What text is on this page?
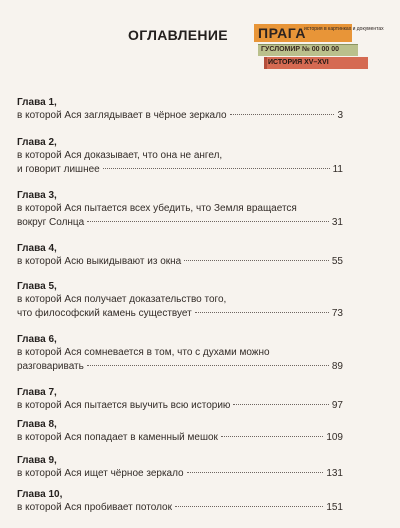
ОГЛАВЛЕНИЕ ПРАГА
история в картинках и документах
ГУСЛОМИР № 00 00 00
ИСТОРИЯ XV–XVI
Глава 1,
в которой Ася заглядывает в чёрное зеркало	3
Глава 2,
в которой Ася доказывает, что она не ангел,
и говорит лишнее	11
Глава 3,
в которой Ася пытается всех убедить, что Земля вращается
вокруг Солнца	31
Глава 4,
в которой Асю выкидывают из окна	55
Глава 5,
в которой Ася получает доказательство того,
что философский камень существует	73
Глава 6,
в которой Ася сомневается в том, что с духами можно
разговаривать	89
Глава 7,
в которой Ася пытается выучить всю историю	97
Глава 8,
в которой Ася попадает в каменный мешок	109
Глава 9,
в которой Ася ищет чёрное зеркало	131
Глава 10,
в которой Ася пробивает потолок	151
